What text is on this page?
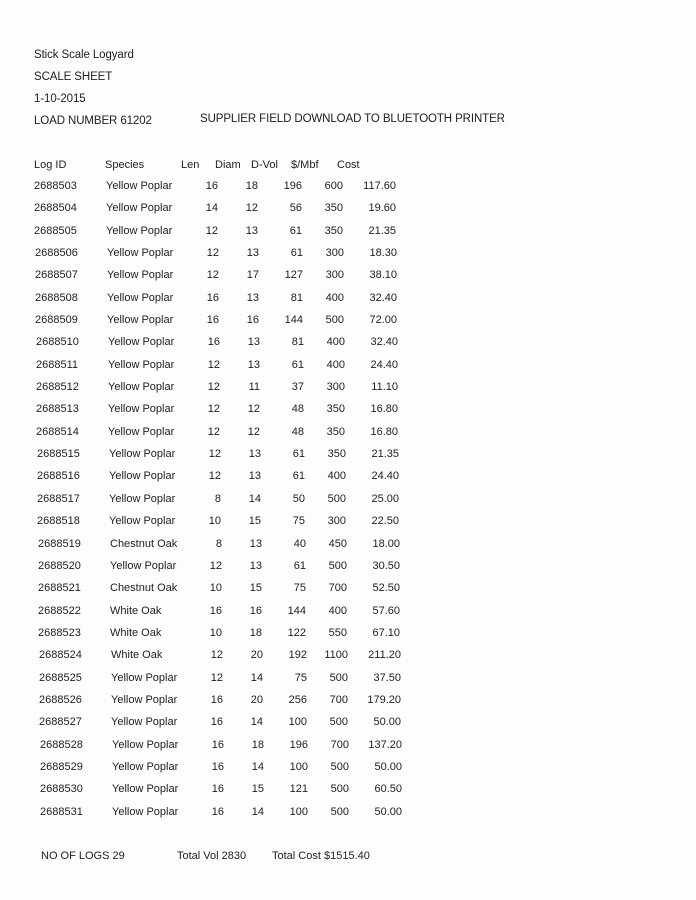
Stick Scale Logyard
SCALE SHEET
1-10-2015
LOAD NUMBER 61202	SUPPLIER FIELD DOWNLOAD TO BLUETOOTH PRINTER
Log ID	Species	Len Diam D-Vol $/Mbf Cost
2688503	Yellow Poplar	16	18	196	600	117.60
2688504	Yellow Poplar	14	12	56	350	19.60
2688505	Yellow Poplar	12	13	61	350	21.35
2688506	Yellow Poplar	12	13	61	300	18.30
2688507	Yellow Poplar	12	17	127	300	38.10
2688508	Yellow Poplar	16	13	81	400	32.40
2688509	Yellow Poplar	16	16	144	500	72.00
2688510	Yellow Poplar	16	13	81	400	32.40
2688511	Yellow Poplar	12	13	61	400	24.40
2688512	Yellow Poplar	12	11	37	300	11.10
2688513	Yellow Poplar	12	12	48	350	16.80
2688514	Yellow Poplar	12	12	48	350	16.80
2688515	Yellow Poplar	12	13	61	350	21.35
2688516	Yellow Poplar	12	13	61	400	24.40
2688517	Yellow Poplar	8	14	50	500	25.00
2688518	Yellow Poplar	10	15	75	300	22.50
2688519	Chestnut Oak	8	13	40	450	18.00
2688520	Yellow Poplar	12	13	61	500	30.50
2688521	Chestnut Oak	10	15	75	700	52.50
2688522	White Oak	16	16	144	400	57.60
2688523	White Oak	10	18	122	550	67.10
2688524	White Oak	12	20	192	1100	211.20
2688525	Yellow Poplar	12	14	75	500	37.50
2688526	Yellow Poplar	16	20	256	700	179.20
2688527	Yellow Poplar	16	14	100	500	50.00
2688528	Yellow Poplar	16	18	196	700	137.20
2688529	Yellow Poplar	16	14	100	500	50.00
2688530	Yellow Poplar	16	15	121	500	60.50
2688531	Yellow Poplar	16	14	100	500	50.00
NO OF LOGS 29	Total Vol 2830 Total Cost $1515.40
